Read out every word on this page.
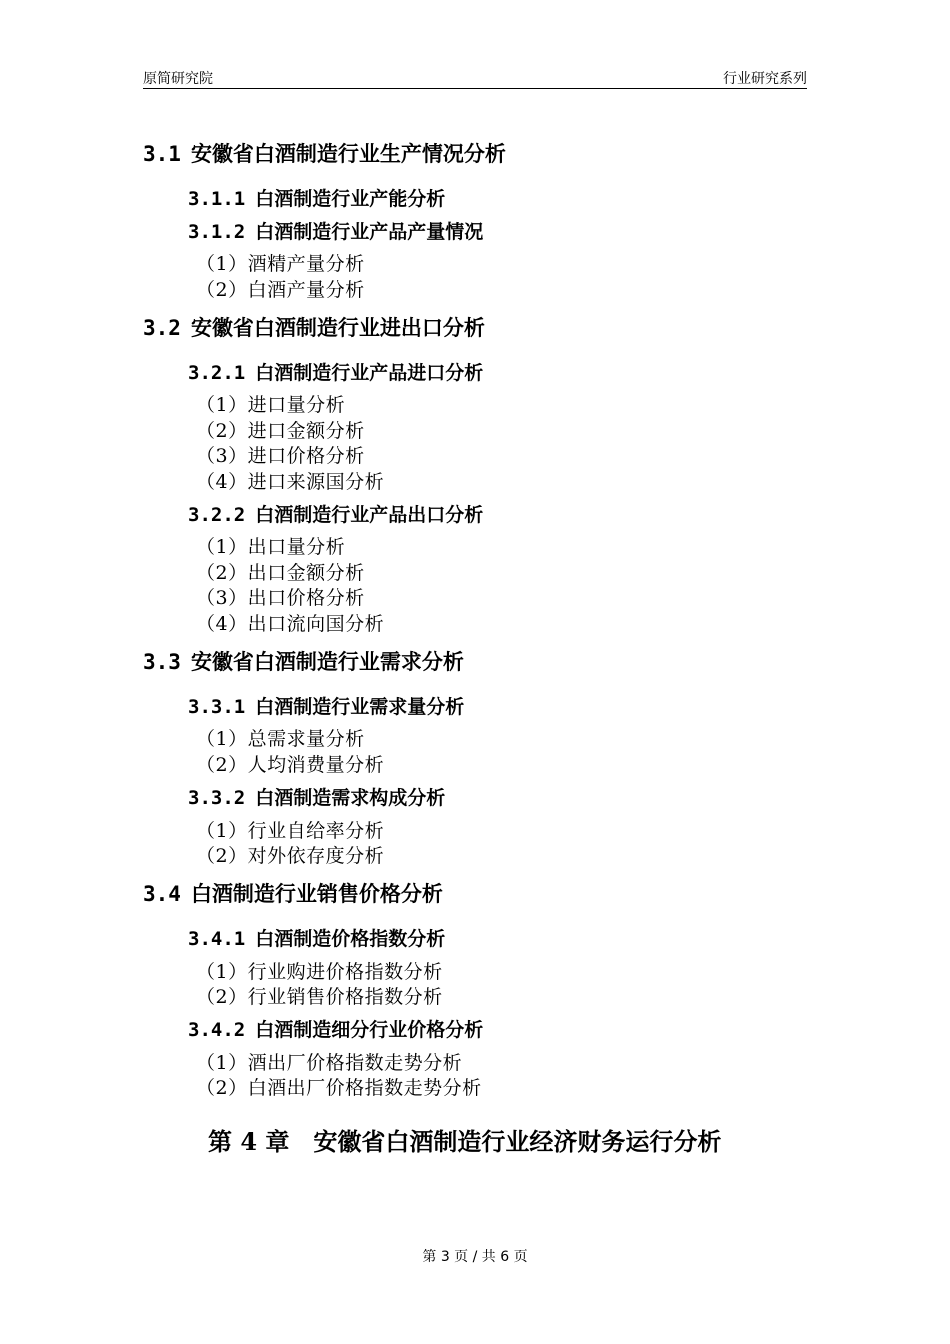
原简研究院	行业研究系列
3.1 安徽省白酒制造行业生产情况分析
3.1.1 白酒制造行业产能分析
3.1.2 白酒制造行业产品产量情况
（1）酒精产量分析
（2）白酒产量分析
3.2 安徽省白酒制造行业进出口分析
3.2.1 白酒制造行业产品进口分析
（1）进口量分析
（2）进口金额分析
（3）进口价格分析
（4）进口来源国分析
3.2.2 白酒制造行业产品出口分析
（1）出口量分析
（2）出口金额分析
（3）出口价格分析
（4）出口流向国分析
3.3 安徽省白酒制造行业需求分析
3.3.1 白酒制造行业需求量分析
（1）总需求量分析
（2）人均消费量分析
3.3.2 白酒制造需求构成分析
（1）行业自给率分析
（2）对外依存度分析
3.4 白酒制造行业销售价格分析
3.4.1 白酒制造价格指数分析
（1）行业购进价格指数分析
（2）行业销售价格指数分析
3.4.2 白酒制造细分行业价格分析
（1）酒出厂价格指数走势分析
（2）白酒出厂价格指数走势分析
第 4 章 安徽省白酒制造行业经济财务运行分析
第 3 页 / 共 6 页
